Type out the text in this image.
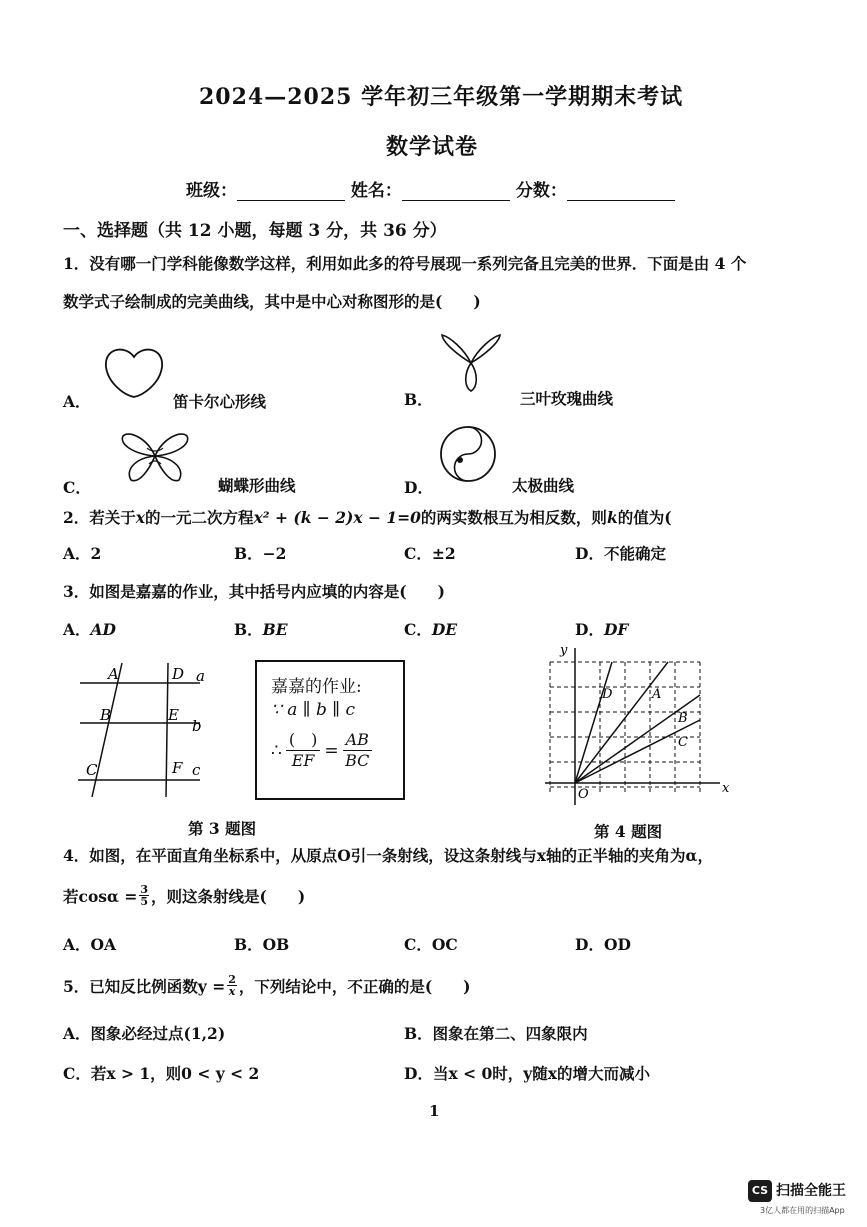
2024—2025 学年初三年级第一学期期末考试
数学试卷
班级：	姓名：	分数：
一、选择题（共 12 小题，每题 3 分，共 36 分）
1．没有哪一门学科能像数学这样，利用如此多的符号展现一系列完备且完美的世界．下面是由 4 个
数学式子绘制成的完美曲线，其中是中心对称图形的是(　　)
A．	笛卡尔心形线	B．	三叶玫瑰曲线
C．	蝴蝶形曲线	D．	太极曲线
2．若关于x的一元二次方程x² + (k − 2)x − 1=0的两实数根互为相反数，则k的值为(
A．2	B．−2	C．±2	D．不能确定
3．如图是嘉嘉的作业，其中括号内应填的内容是(　　)
A．AD	B．BE	C．DE	D．DF
A	D a
B	E
b
C	F c
第 3 题图
嘉嘉的作业:
∵ a ∥ b ∥ c
∴
(　)
EF = $\frac{AB}{BC}$
y
x
O
D	A
B
C
第 4 题图
4．如图，在平面直角坐标系中，从原点O引一条射线，设这条射线与x轴的正半轴的夹角为α，
若$\cos\alpha = \frac{3}{5}$ ，则这条射线是(　　)
A．OA	B．OB	C．OC	D．OD
5．已知反比例函数$y = \frac{2}{x}$ ，下列结论中，不正确的是(　　)
A．图象必经过点(1,2)	B．图象在第二、四象限内
C．若x > 1，则0 < y < 2	D．当x < 0时，y随x的增大而减小
1
CS 扫描全能王
3亿人都在用的扫描App
